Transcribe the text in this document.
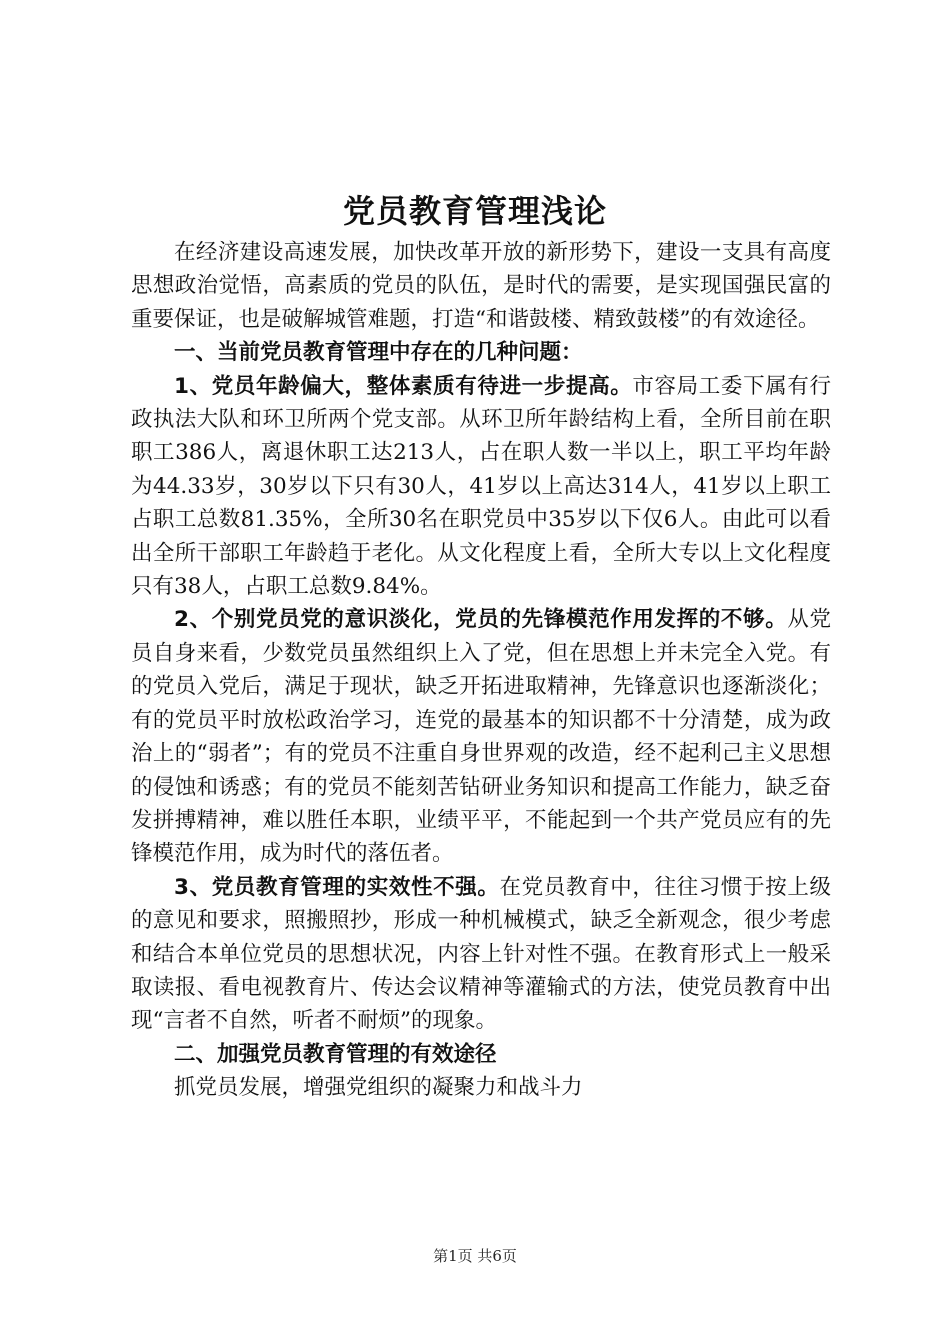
党员教育管理浅论

在经济建设高速发展，加快改革开放的新形势下，建设一支具有高度思想政治觉悟，高素质的党员的队伍，是时代的需要，是实现国强民富的重要保证，也是破解城管难题，打造“和谐鼓楼、精致鼓楼”的有效途径。

一、当前党员教育管理中存在的几种问题：

1、党员年龄偏大，整体素质有待进一步提高。市容局工委下属有行政执法大队和环卫所两个党支部。从环卫所年龄结构上看，全所目前在职职工386人，离退休职工达213人，占在职人数一半以上，职工平均年龄为44.33岁，30岁以下只有30人，41岁以上高达314人，41岁以上职工占职工总数81.35%，全所30名在职党员中35岁以下仅6人。由此可以看出全所干部职工年龄趋于老化。从文化程度上看，全所大专以上文化程度只有38人，占职工总数9.84%。

2、个别党员党的意识淡化，党员的先锋模范作用发挥的不够。从党员自身来看，少数党员虽然组织上入了党，但在思想上并未完全入党。有的党员入党后，满足于现状，缺乏开拓进取精神，先锋意识也逐渐淡化；有的党员平时放松政治学习，连党的最基本的知识都不十分清楚，成为政治上的“弱者”；有的党员不注重自身世界观的改造，经不起利己主义思想的侵蚀和诱惑；有的党员不能刻苦钻研业务知识和提高工作能力，缺乏奋发拼搏精神，难以胜任本职，业绩平平，不能起到一个共产党员应有的先锋模范作用，成为时代的落伍者。

3、党员教育管理的实效性不强。在党员教育中，往往习惯于按上级的意见和要求，照搬照抄，形成一种机械模式，缺乏全新观念，很少考虑和结合本单位党员的思想状况，内容上针对性不强。在教育形式上一般采取读报、看电视教育片、传达会议精神等灌输式的方法，使党员教育中出现“言者不自然，听者不耐烦”的现象。

二、加强党员教育管理的有效途径

抓党员发展，增强党组织的凝聚力和战斗力

第1页 共6页
